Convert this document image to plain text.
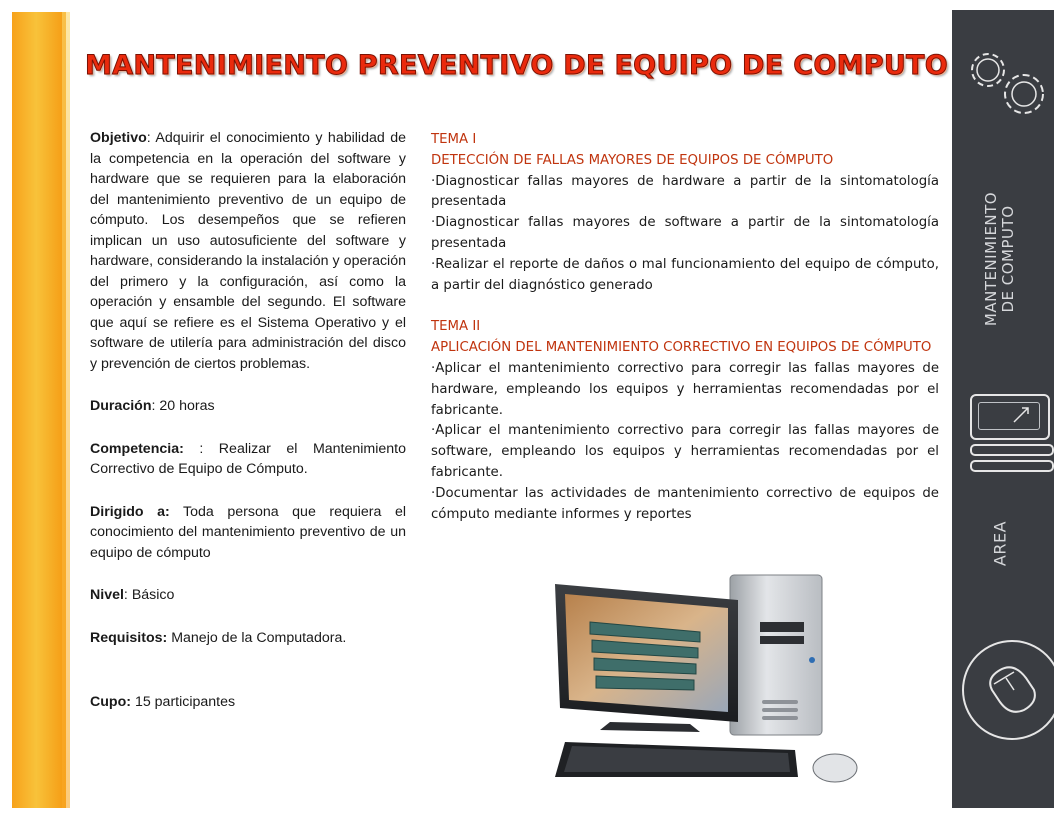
MANTENIMIENTO PREVENTIVO DE EQUIPO DE COMPUTO

Objetivo: Adquirir el conocimiento y habilidad de la competencia en la operación del software y hardware que se requieren para la elaboración del mantenimiento preventivo de un equipo de cómputo. Los desempeños que se refieren implican un uso autosuficiente del software y hardware, considerando la instalación y operación del primero y la configuración, así como la operación y ensamble del segundo. El software que aquí se refiere es el Sistema Operativo y el software de utilería para administración del disco y prevención de ciertos problemas.

Duración: 20 horas

Competencia: : Realizar el Mantenimiento Correctivo de Equipo de Cómputo.

Dirigido a: Toda persona que requiera el conocimiento del mantenimiento preventivo de un equipo de cómputo

Nivel: Básico

Requisitos: Manejo de la Computadora.

Cupo: 15 participantes

TEMA I
DETECCIÓN DE FALLAS MAYORES DE EQUIPOS DE CÓMPUTO
·Diagnosticar fallas mayores de hardware a partir de la sintomatología presentada
·Diagnosticar fallas mayores de software a partir de la sintomatología presentada
·Realizar el reporte de daños o mal funcionamiento del equipo de cómputo, a partir del diagnóstico generado
TEMA II
APLICACIÓN DEL MANTENIMIENTO CORRECTIVO EN EQUIPOS DE CÓMPUTO
·Aplicar el mantenimiento correctivo para corregir las fallas mayores de hardware, empleando los equipos y herramientas recomendadas por el fabricante.
·Aplicar el mantenimiento correctivo para corregir las fallas mayores de software, empleando los equipos y herramientas recomendadas por el fabricante.
·Documentar las actividades de mantenimiento correctivo de equipos de cómputo mediante informes y reportes
MANTENIMIENTO DE COMPUTO
AREA
